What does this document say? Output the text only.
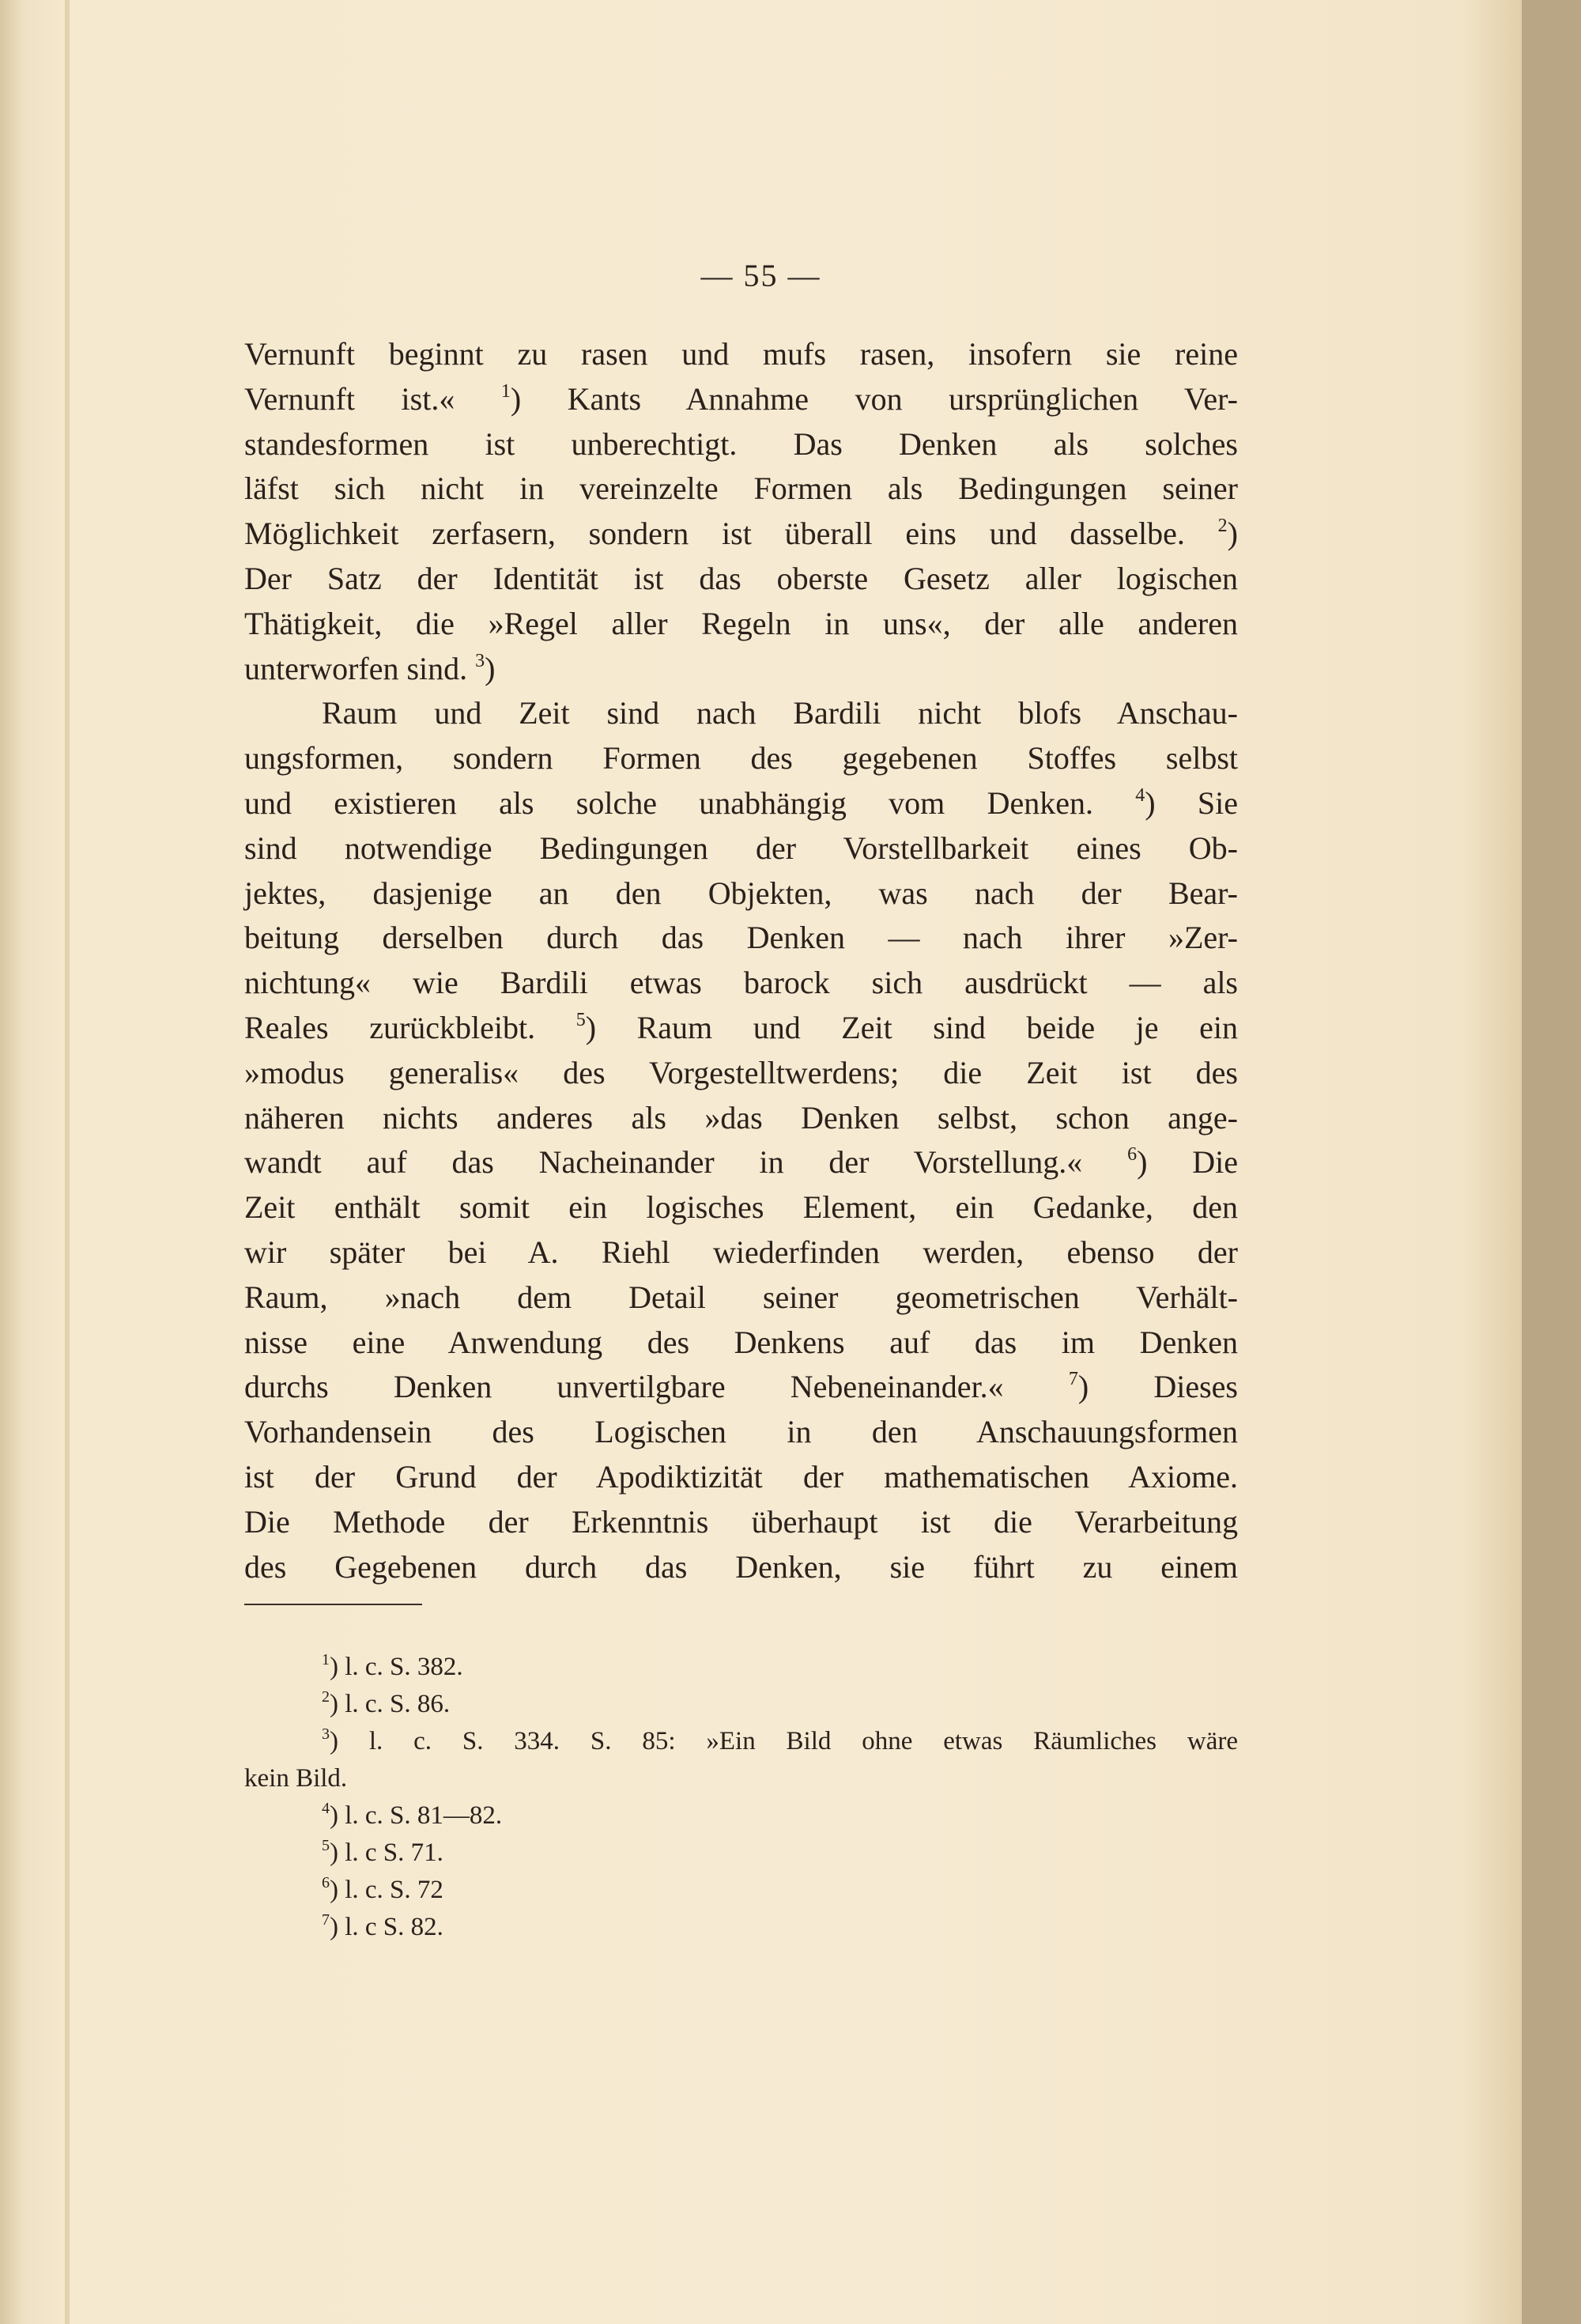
— 55 —
Vernunft beginnt zu rasen und mufs rasen, insofern sie reine
Vernunft ist.« $^1$) Kants Annahme von ursprünglichen Ver-
standesformen ist unberechtigt. Das Denken als solches
läfst sich nicht in vereinzelte Formen als Bedingungen seiner
Möglichkeit zerfasern, sondern ist überall eins und dasselbe. $^2$)
Der Satz der Identität ist das oberste Gesetz aller logischen
Thätigkeit, die »Regel aller Regeln in uns«, der alle anderen
unterworfen sind. $^3$)
Raum und Zeit sind nach Bardili nicht blofs Anschau-
ungsformen, sondern Formen des gegebenen Stoffes selbst
und existieren als solche unabhängig vom Denken. $^4$) Sie
sind notwendige Bedingungen der Vorstellbarkeit eines Ob-
jektes, dasjenige an den Objekten, was nach der Bear-
beitung derselben durch das Denken — nach ihrer »Zer-
nichtung« wie Bardili etwas barock sich ausdrückt — als
Reales zurückbleibt. $^5$) Raum und Zeit sind beide je ein
»modus generalis« des Vorgestelltwerdens; die Zeit ist des
näheren nichts anderes als »das Denken selbst, schon ange-
wandt auf das Nacheinander in der Vorstellung.« $^6$) Die
Zeit enthält somit ein logisches Element, ein Gedanke, den
wir später bei A. Riehl wiederfinden werden, ebenso der
Raum, »nach dem Detail seiner geometrischen Verhält-
nisse eine Anwendung des Denkens auf das im Denken
durchs Denken unvertilgbare Nebeneinander.« $^7$) Dieses
Vorhandensein des Logischen in den Anschauungsformen
ist der Grund der Apodiktizität der mathematischen Axiome.
Die Methode der Erkenntnis überhaupt ist die Verarbeitung
des Gegebenen durch das Denken, sie führt zu einem
$^1$) l. c. S. 382.
$^2$) l. c. S. 86.
$^3$) l. c. S. 334. S. 85: »Ein Bild ohne etwas Räumliches wäre
kein Bild.
$^4$) l. c. S. 81—82.
$^5$) l. c S. 71.
$^6$) l. c. S. 72
$^7$) l. c S. 82.
